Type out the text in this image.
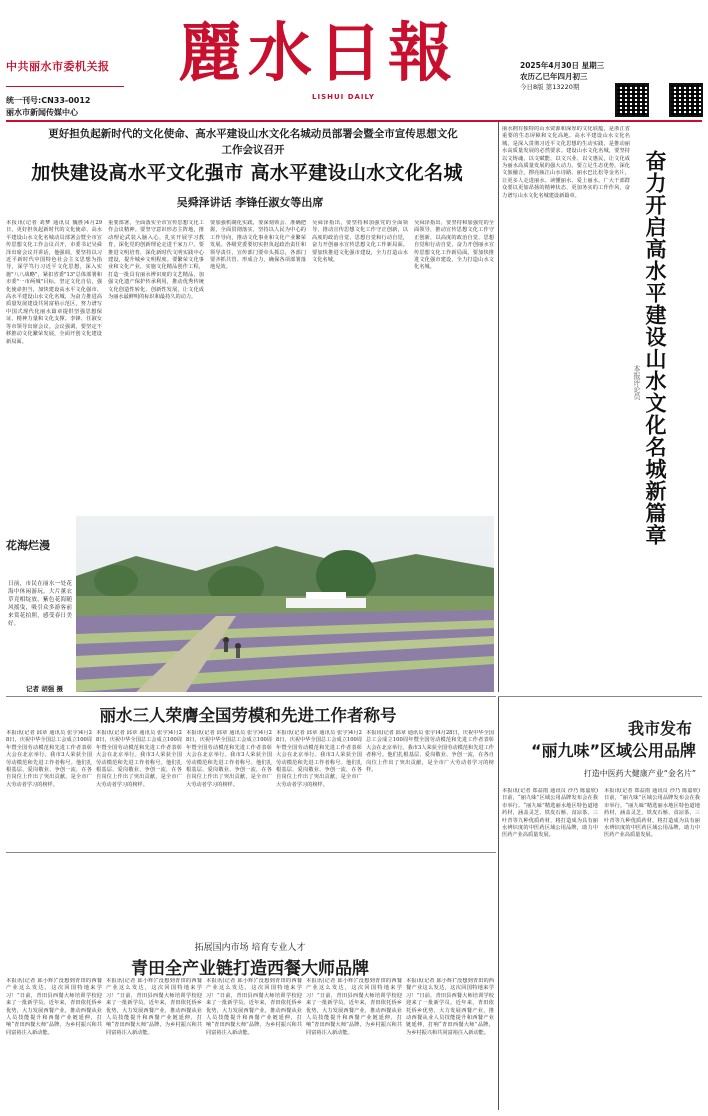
中共丽水市委机关报
统一刊号:CN33-0012
丽水市新闻传媒中心
麗水日報
LISHUI DAILY
2025年4月30日 星期三
农历乙巳年四月初三
今日8版 第13220期
更好担负起新时代的文化使命、高水平建设山水文化名城动员部署会暨全市宣传思想文化工作会议召开
加快建设高水平文化强市 高水平建设山水文化名城
吴舜泽讲话 李锋任淑女等出席
本报讯(记者 刘梦 通讯员 魏胜)4月29日，更好担负起新时代的文化使命、高水平建设山水文化名城动员部署会暨全市宣传思想文化工作会议召开，市委书记吴舜泽出席会议并讲话，他强调，要坚持以习近平新时代中国特色社会主义思想为指导，深学笃行习近平文化思想，深入实施"八八战略"，紧扣省委"13"总体部署和市委"一市两城"目标，坚定文化自信，强化使命担当，加快建设高水平文化强市、高水平建设山水文化名城，为奋力推进高质量发展建设共同富裕示范区，努力谱写中国式现代化丽水篇章提供坚强思想保证、精神力量和文化支撑。李锋、任淑女等市领导出席会议。会议强调，要坚定不移推动文化繁荣发展，全面开创文化建设新局面。
重要部署，全面落实全市宣传思想文化工作会议精神。要坚守意识形态主阵地，推动理论武装入脑入心，扎实开展学习教育，深化党的创新理论走进千家万户。要推进文明培育，深化新时代文明实践中心建设，提升城乡文明程度。要繁荣文化事业和文化产业，实施文化精品创作工程，打造一批具有丽水辨识度的文艺精品，加强文化遗产保护传承利用，推动优秀传统文化创造性转化、创新性发展，让文化成为丽水最鲜明的标识和最持久的动力。
要加强机制化实践，要深刻领会、准确把握，全面贯彻落实，坚持以人民为中心的工作导向，推动文化事业和文化产业繁荣发展。各级党委要切实担负起政治责任和领导责任，宣传部门要牵头抓总，各部门要齐抓共管、形成合力，确保各项部署落地见效。
吴舜泽指出，要坚持和加强党的全面领导，推动宣传思想文化工作守正创新，以高度的政治自觉、思想自觉和行动自觉，奋力开创丽水宣传思想文化工作新局面。要加快推进文化强市建设，全力打造山水文化名城。
吴舜泽指出，要坚持和加强党的全面领导，推动宣传思想文化工作守正创新，以高度的政治自觉、思想自觉和行动自觉，奋力开创丽水宣传思想文化工作新局面。要加快推进文化强市建设，全力打造山水文化名城。
丽水拥有独特的山水资源和深厚的文化底蕴，是浙江省重要的生态屏障和文化高地。高水平建设山水文化名城，是深入贯彻习近平文化思想的生动实践，是推动丽水高质量发展的必然要求。建设山水文化名城，要坚持以文铸魂、以文赋能、以文兴业、以文惠民，让文化成为丽水高质量发展的强大动力。要立足生态优势，深化文旅融合，擦亮瓯江山水诗路、丽水巴比松等金名片，让更多人走进丽水、读懂丽水、爱上丽水。广大干部群众要以更加昂扬的精神状态、更加务实的工作作风，奋力谱写山水文化名城建设新篇章。	奋力开启高水平建设山水文化名城新篇章
本报评论员
花海烂漫
日前，市民在丽水一处花海中休闲游玩。大片薰衣草竞相绽放，紫色花海随风摇曳，吸引众多游客前来赏花拍照，感受春日美好。
记者 胡强 摄
丽水三人荣膺全国劳模和先进工作者称号
本报讯(记者 邱章 通讯员 张宇)4月28日，庆祝中华全国总工会成立100周年暨全国劳动模范和先进工作者表彰大会在北京举行。我市3人荣获全国劳动模范和先进工作者称号。他们扎根基层、爱岗敬业、争创一流，在各自岗位上作出了突出贡献，是全市广大劳动者学习的榜样。
本报讯(记者 邱章 通讯员 张宇)4月28日，庆祝中华全国总工会成立100周年暨全国劳动模范和先进工作者表彰大会在北京举行。我市3人荣获全国劳动模范和先进工作者称号。他们扎根基层、爱岗敬业、争创一流，在各自岗位上作出了突出贡献，是全市广大劳动者学习的榜样。
本报讯(记者 邱章 通讯员 张宇)4月28日，庆祝中华全国总工会成立100周年暨全国劳动模范和先进工作者表彰大会在北京举行。我市3人荣获全国劳动模范和先进工作者称号。他们扎根基层、爱岗敬业、争创一流，在各自岗位上作出了突出贡献，是全市广大劳动者学习的榜样。
本报讯(记者 邱章 通讯员 张宇)4月28日，庆祝中华全国总工会成立100周年暨全国劳动模范和先进工作者表彰大会在北京举行。我市3人荣获全国劳动模范和先进工作者称号。他们扎根基层、爱岗敬业、争创一流，在各自岗位上作出了突出贡献，是全市广大劳动者学习的榜样。
本报讯(记者 邱章 通讯员 张宇)4月28日，庆祝中华全国总工会成立100周年暨全国劳动模范和先进工作者表彰大会在北京举行。我市3人荣获全国劳动模范和先进工作者称号。他们扎根基层、爱岗敬业、争创一流，在各自岗位上作出了突出贡献，是全市广大劳动者学习的榜样。
我市发布
“丽九味”区域公用品牌
打造中医药大健康产业“金名片”
本报讯(记者 郑益雨 通讯员 沙乃 陈嘉欣)日前，“丽九味”区域公用品牌发布会在我市举行。“丽九味”精选丽水地区特色道地药材，涵盖灵芝、铁皮石斛、食凉茶、三叶青等九种优质药材，将打造成为具有丽水辨识度的中医药区域公用品牌，助力中医药产业高质量发展。
本报讯(记者 郑益雨 通讯员 沙乃 陈嘉欣)日前，“丽九味”区域公用品牌发布会在我市举行。“丽九味”精选丽水地区特色道地药材，涵盖灵芝、铁皮石斛、食凉茶、三叶青等九种优质药材，将打造成为具有丽水辨识度的中医药区域公用品牌，助力中医药产业高质量发展。
拓展国内市场 培育专业人才
青田全产业链打造西餐大师品牌
本报讯(记者 邱小辉)“没想到青田的西餐产业这么发达，这次回国特地来学习！”日前，青田县西餐大师培训学校迎来了一批新学员。近年来，青田依托侨乡优势，大力发展西餐产业，推动西餐从业人员技能提升和西餐产业链延伸，打响“青田西餐大师”品牌，为乡村振兴和共同富裕注入新动能。
本报讯(记者 邱小辉)“没想到青田的西餐产业这么发达，这次回国特地来学习！”日前，青田县西餐大师培训学校迎来了一批新学员。近年来，青田依托侨乡优势，大力发展西餐产业，推动西餐从业人员技能提升和西餐产业链延伸，打响“青田西餐大师”品牌，为乡村振兴和共同富裕注入新动能。
本报讯(记者 邱小辉)“没想到青田的西餐产业这么发达，这次回国特地来学习！”日前，青田县西餐大师培训学校迎来了一批新学员。近年来，青田依托侨乡优势，大力发展西餐产业，推动西餐从业人员技能提升和西餐产业链延伸，打响“青田西餐大师”品牌，为乡村振兴和共同富裕注入新动能。
本报讯(记者 邱小辉)“没想到青田的西餐产业这么发达，这次回国特地来学习！”日前，青田县西餐大师培训学校迎来了一批新学员。近年来，青田依托侨乡优势，大力发展西餐产业，推动西餐从业人员技能提升和西餐产业链延伸，打响“青田西餐大师”品牌，为乡村振兴和共同富裕注入新动能。
本报讯(记者 邱小辉)“没想到青田的西餐产业这么发达，这次回国特地来学习！”日前，青田县西餐大师培训学校迎来了一批新学员。近年来，青田依托侨乡优势，大力发展西餐产业，推动西餐从业人员技能提升和西餐产业链延伸，打响“青田西餐大师”品牌，为乡村振兴和共同富裕注入新动能。
